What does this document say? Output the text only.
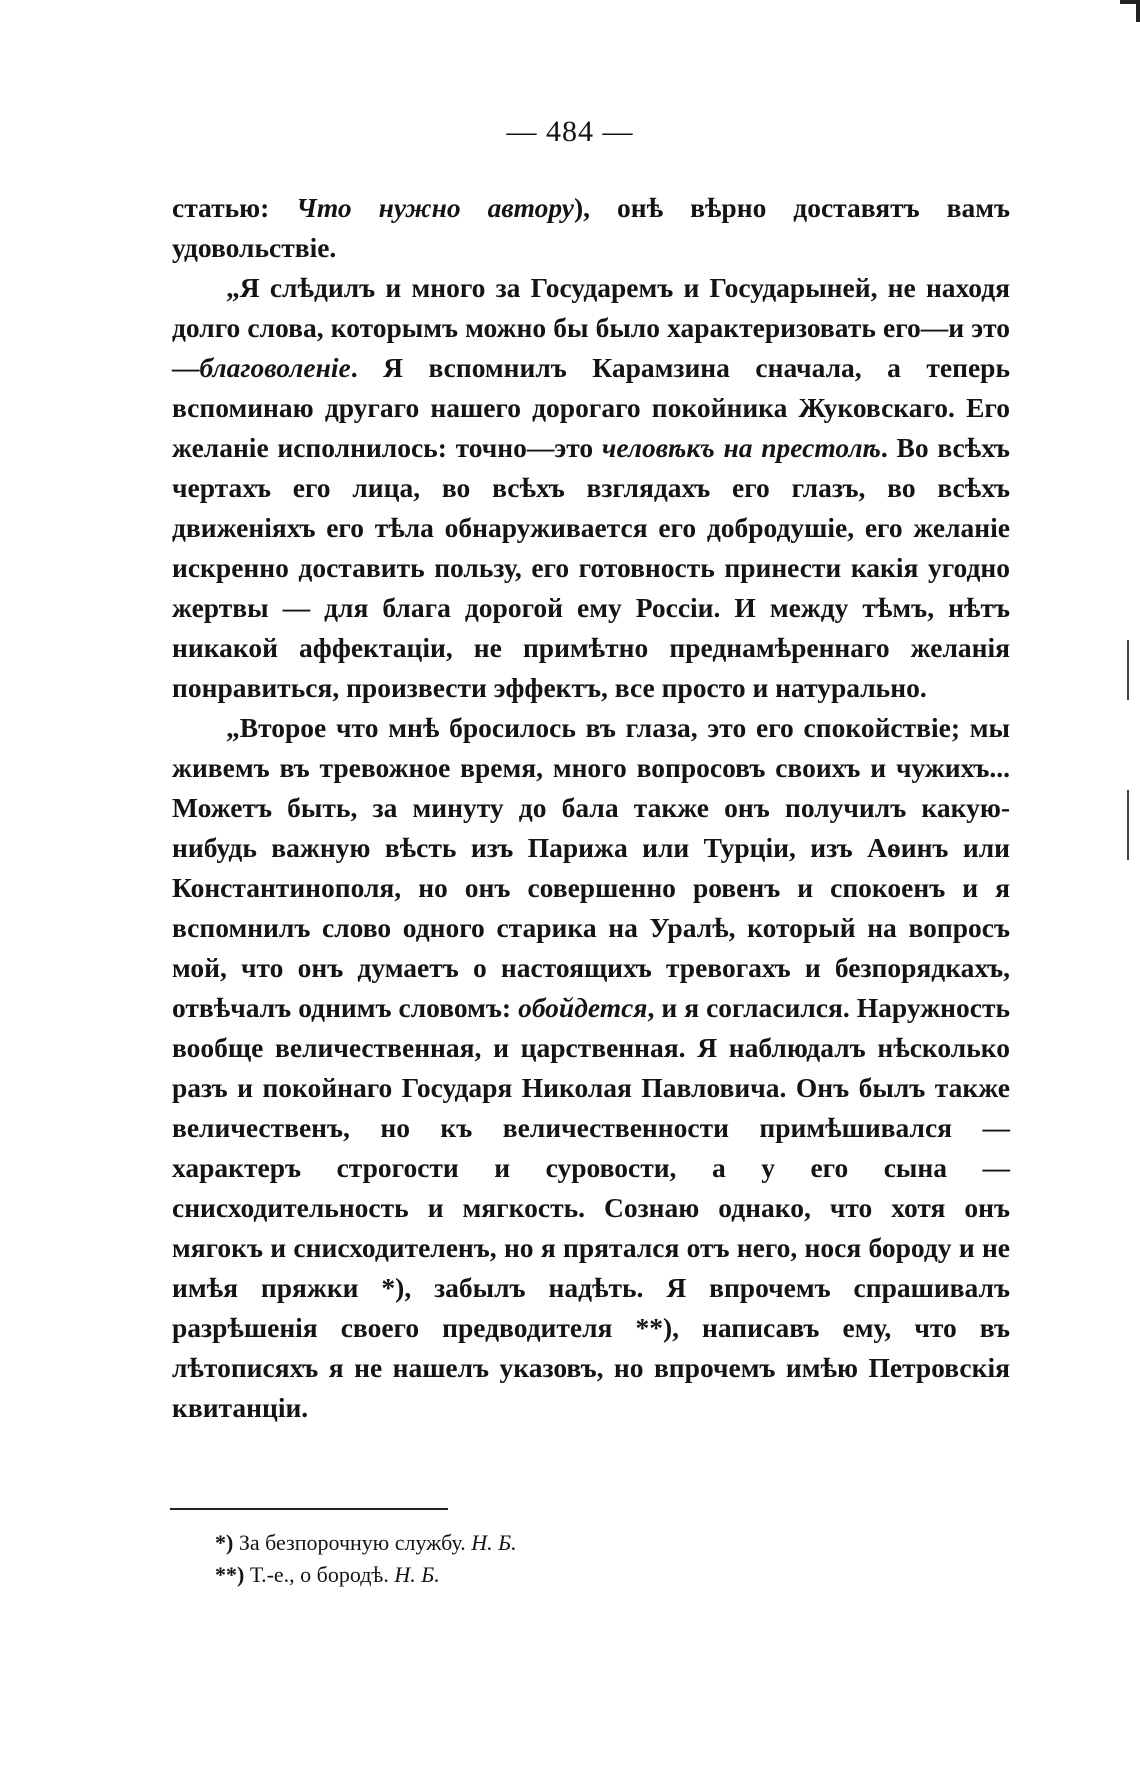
— 484 —

статью: Что нужно автору), онѣ вѣрно доставятъ вамъ удовольствіе.

„Я слѣдилъ и много за Государемъ и Государыней, не находя долго слова, которымъ можно бы было характеризовать его—и это—благоволеніе. Я вспомнилъ Карамзина сначала, а теперь вспоминаю другаго нашего дорогаго покойника Жуковскаго. Его желаніе исполнилось: точно—это человѣкъ на престолѣ. Во всѣхъ чертахъ его лица, во всѣхъ взглядахъ его глазъ, во всѣхъ движеніяхъ его тѣла обнаруживается его добродушіе, его желаніе искренно доставить пользу, его готовность принести какія угодно жертвы — для блага дорогой ему Россіи. И между тѣмъ, нѣтъ никакой аффектаціи, не примѣтно преднамѣреннаго желанія понравиться, произвести эффектъ, все просто и натурально.

„Второе что мнѣ бросилось въ глаза, это его спокойствіе; мы живемъ въ тревожное время, много вопросовъ своихъ и чужихъ... Можетъ быть, за минуту до бала также онъ получилъ какую-нибудь важную вѣсть изъ Парижа или Турціи, изъ Аѳинъ или Константинополя, но онъ совершенно ровенъ и спокоенъ и я вспомнилъ слово одного старика на Уралѣ, который на вопросъ мой, что онъ думаетъ о настоящихъ тревогахъ и безпорядкахъ, отвѣчалъ однимъ словомъ: обойдется, и я согласился. Наружность вообще величественная, и царственная. Я наблюдалъ нѣсколько разъ и покойнаго Государя Николая Павловича. Онъ былъ также величественъ, но къ величественности примѣшивался — характеръ строгости и суровости, а у его сына — снисходительность и мягкость. Сознаю однако, что хотя онъ мягокъ и снисходителенъ, но я прятался отъ него, нося бороду и не имѣя пряжки *), забылъ надѣть. Я впрочемъ спрашивалъ разрѣшенія своего предводителя **), написавъ ему, что въ лѣтописяхъ я не нашелъ указовъ, но впрочемъ имѣю Петровскія квитанціи.

*) За безпорочную службу. Н. Б.

**) Т.-е., о бородѣ. Н. Б.
